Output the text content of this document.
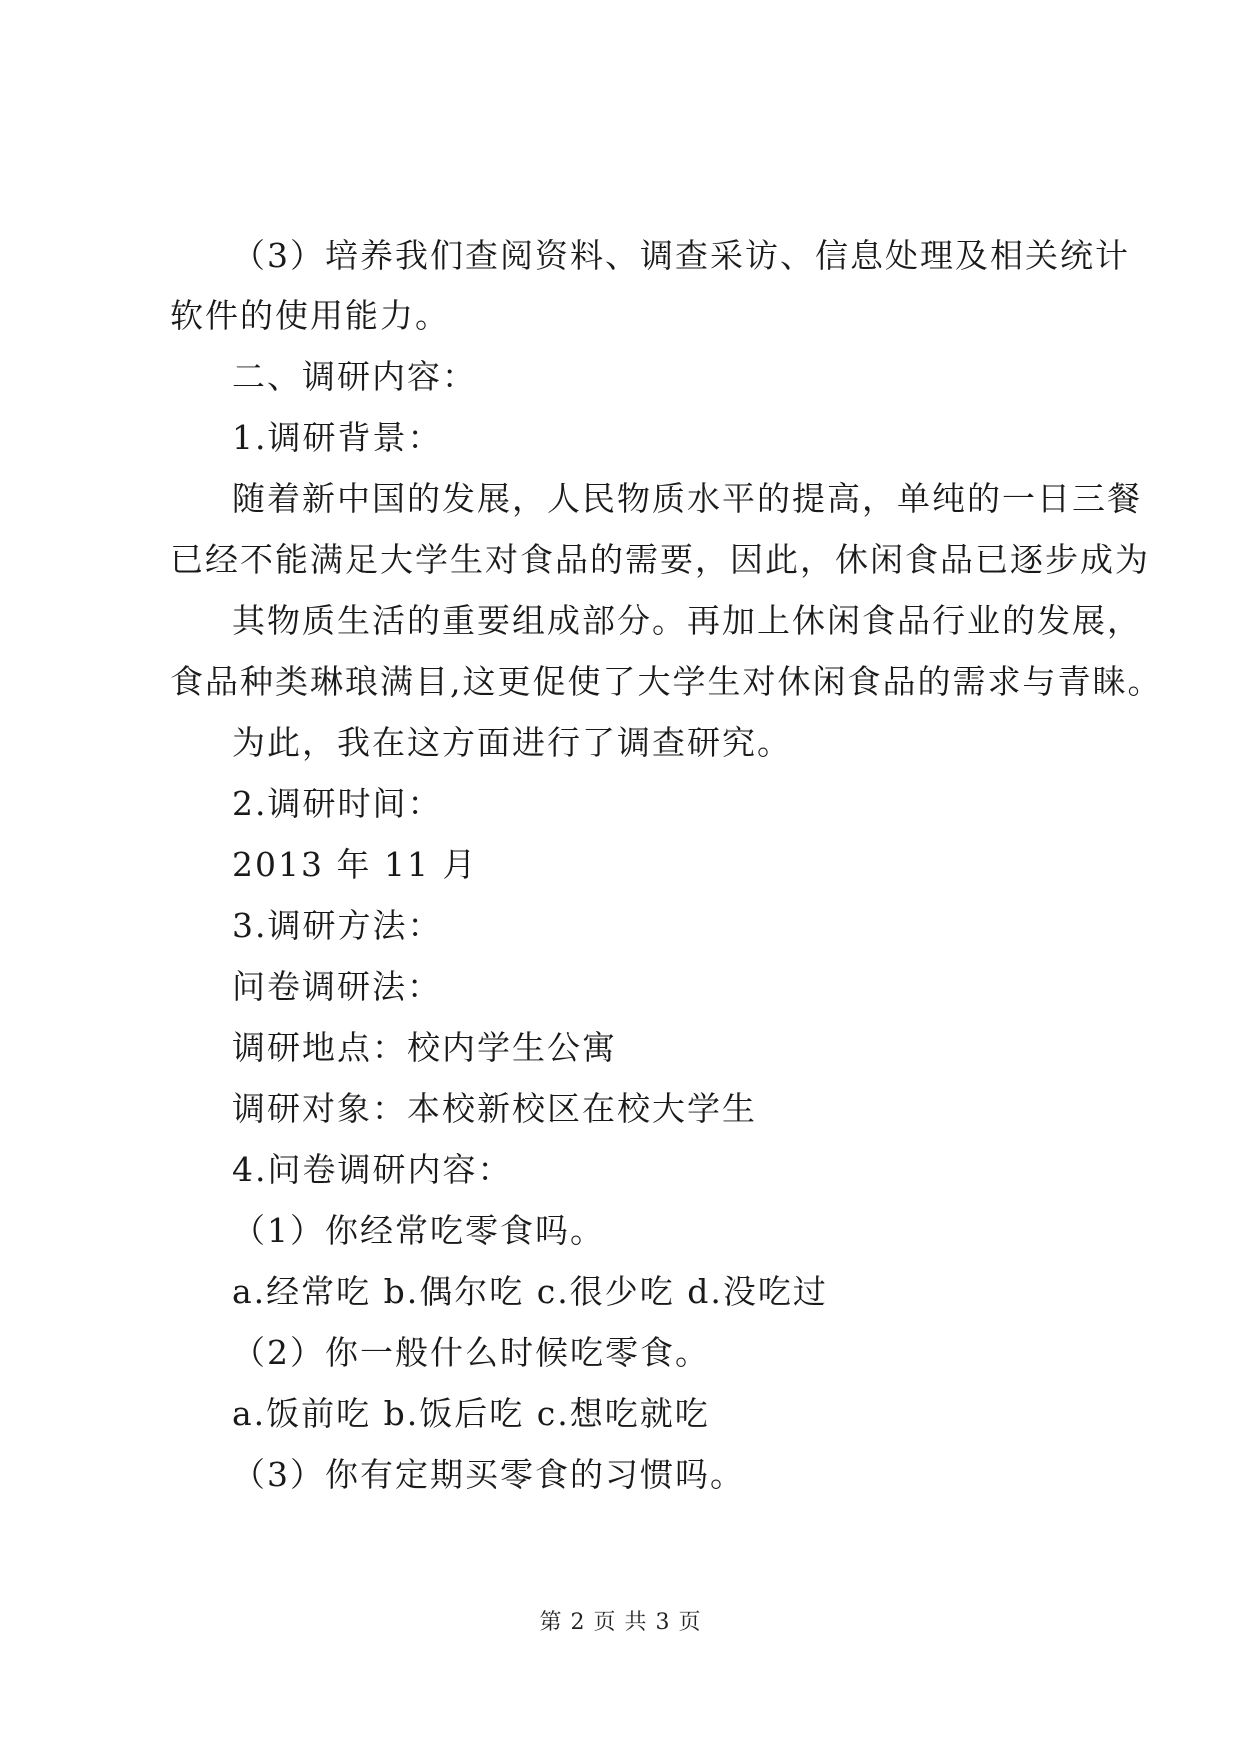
（3）培养我们查阅资料、调查采访、信息处理及相关统计
软件的使用能力。
二、调研内容：
1.调研背景：
随着新中国的发展，人民物质水平的提高，单纯的一日三餐
已经不能满足大学生对食品的需要，因此，休闲食品已逐步成为
其物质生活的重要组成部分。再加上休闲食品行业的发展，
食品种类琳琅满目,这更促使了大学生对休闲食品的需求与青睐。
为此，我在这方面进行了调查研究。
2.调研时间：
2013 年 11 月
3.调研方法：
问卷调研法：
调研地点：校内学生公寓
调研对象：本校新校区在校大学生
4.问卷调研内容：
（1）你经常吃零食吗。
a.经常吃 b.偶尔吃 c.很少吃 d.没吃过
（2）你一般什么时候吃零食。
a.饭前吃 b.饭后吃 c.想吃就吃
（3）你有定期买零食的习惯吗。
第 2 页 共 3 页
